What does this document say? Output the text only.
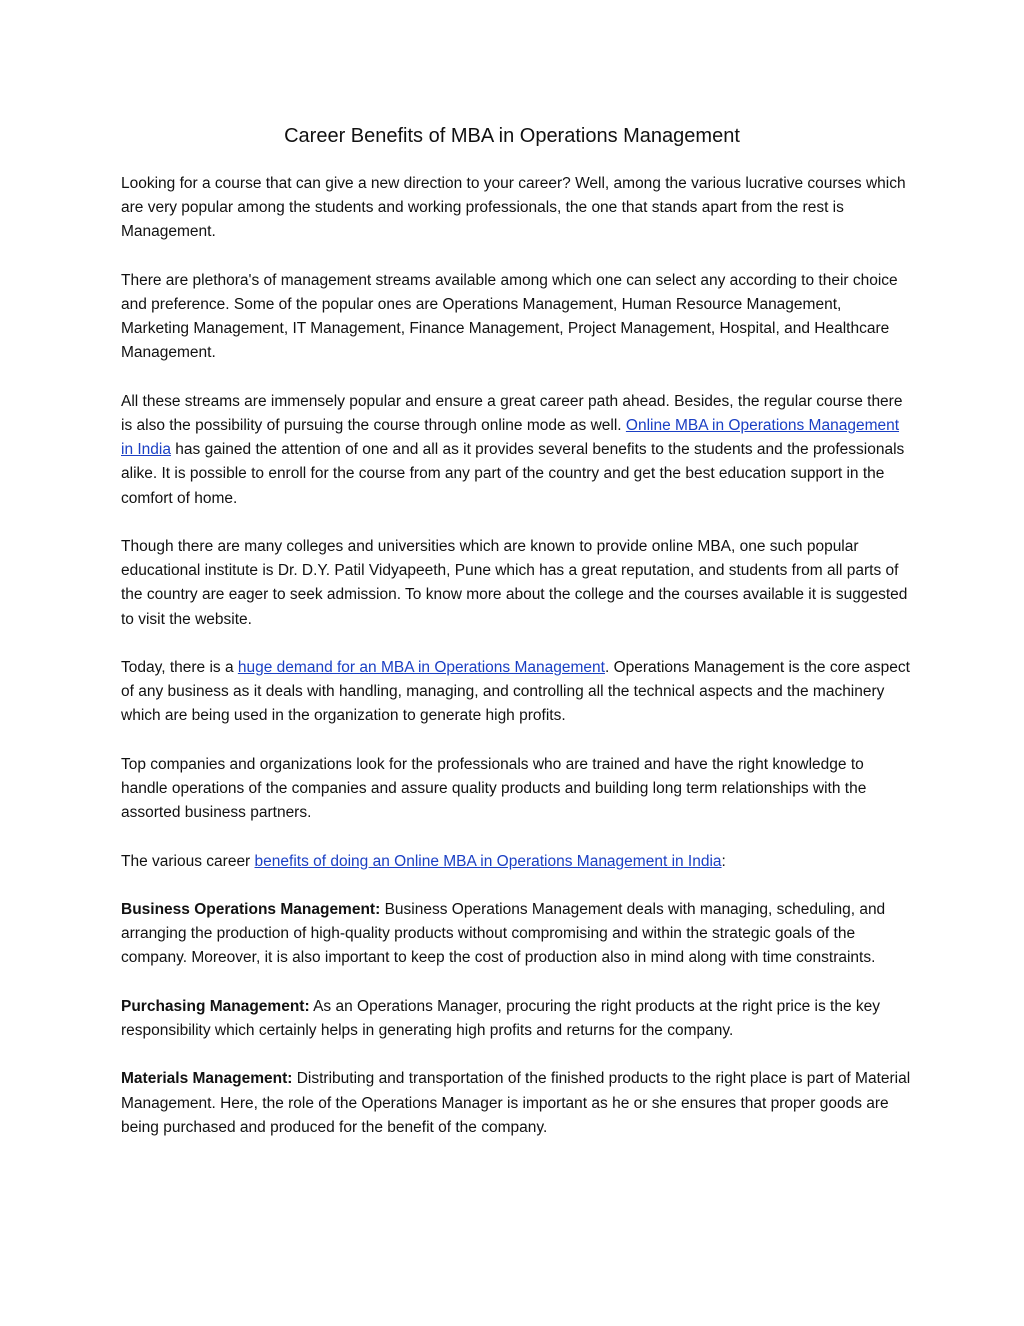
Career Benefits of MBA in Operations Management

Looking for a course that can give a new direction to your career? Well, among the various lucrative courses which are very popular among the students and working professionals, the one that stands apart from the rest is Management.

There are plethora's of management streams available among which one can select any according to their choice and preference. Some of the popular ones are Operations Management, Human Resource Management, Marketing Management, IT Management, Finance Management, Project Management, Hospital, and Healthcare Management.

All these streams are immensely popular and ensure a great career path ahead. Besides, the regular course there is also the possibility of pursuing the course through online mode as well. Online MBA in Operations Management in India has gained the attention of one and all as it provides several benefits to the students and the professionals alike. It is possible to enroll for the course from any part of the country and get the best education support in the comfort of home.

Though there are many colleges and universities which are known to provide online MBA, one such popular educational institute is Dr. D.Y. Patil Vidyapeeth, Pune which has a great reputation, and students from all parts of the country are eager to seek admission. To know more about the college and the courses available it is suggested to visit the website.

Today, there is a huge demand for an MBA in Operations Management. Operations Management is the core aspect of any business as it deals with handling, managing, and controlling all the technical aspects and the machinery which are being used in the organization to generate high profits.

Top companies and organizations look for the professionals who are trained and have the right knowledge to handle operations of the companies and assure quality products and building long term relationships with the assorted business partners.

The various career benefits of doing an Online MBA in Operations Management in India:

Business Operations Management: Business Operations Management deals with managing, scheduling, and arranging the production of high-quality products without compromising and within the strategic goals of the company. Moreover, it is also important to keep the cost of production also in mind along with time constraints.

Purchasing Management: As an Operations Manager, procuring the right products at the right price is the key responsibility which certainly helps in generating high profits and returns for the company.

Materials Management: Distributing and transportation of the finished products to the right place is part of Material Management. Here, the role of the Operations Manager is important as he or she ensures that proper goods are being purchased and produced for the benefit of the company.
